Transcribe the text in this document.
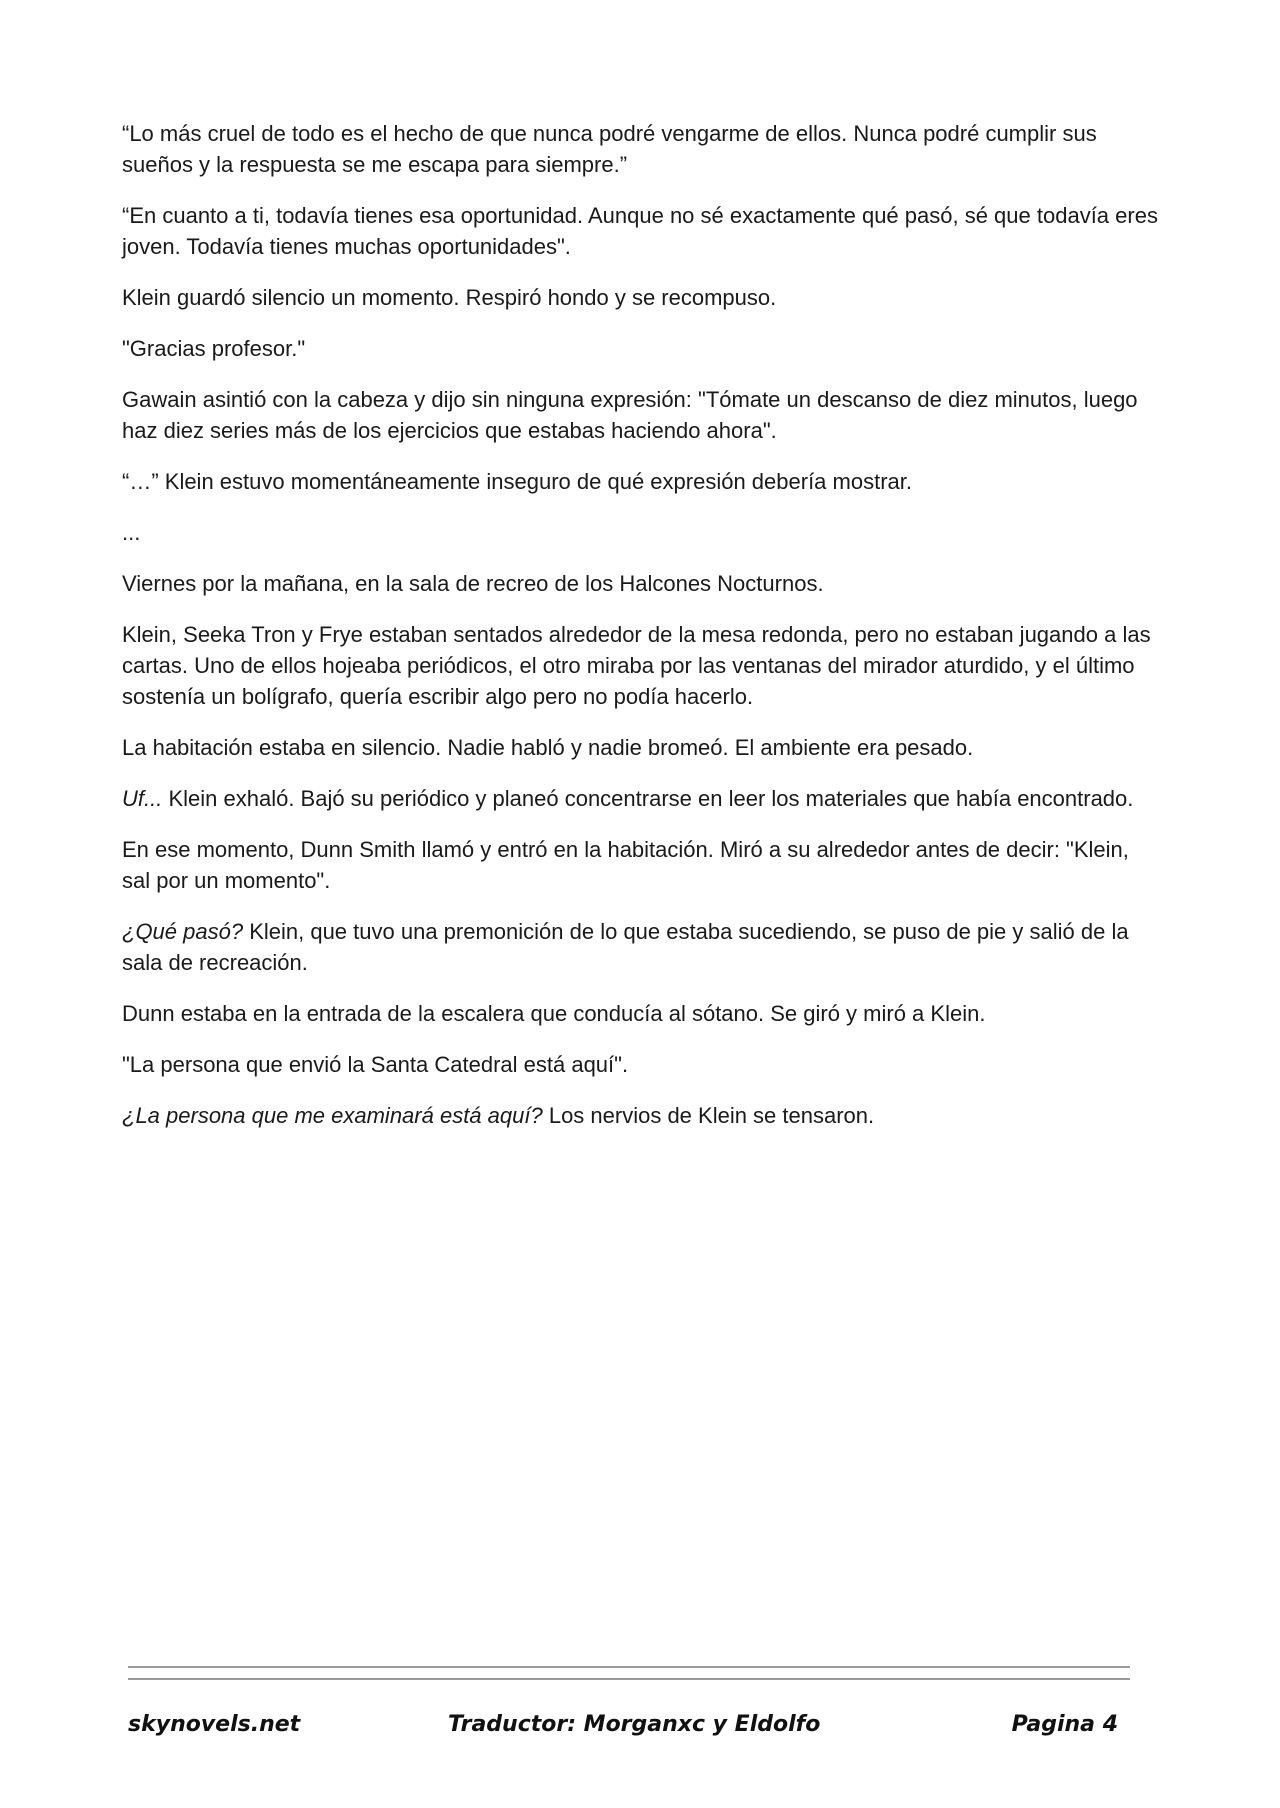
“Lo más cruel de todo es el hecho de que nunca podré vengarme de ellos. Nunca podré cumplir sus sueños y la respuesta se me escapa para siempre.”

“En cuanto a ti, todavía tienes esa oportunidad. Aunque no sé exactamente qué pasó, sé que todavía eres joven. Todavía tienes muchas oportunidades".

Klein guardó silencio un momento. Respiró hondo y se recompuso.

"Gracias profesor."

Gawain asintió con la cabeza y dijo sin ninguna expresión: "Tómate un descanso de diez minutos, luego haz diez series más de los ejercicios que estabas haciendo ahora".

“…” Klein estuvo momentáneamente inseguro de qué expresión debería mostrar.

...

Viernes por la mañana, en la sala de recreo de los Halcones Nocturnos.

Klein, Seeka Tron y Frye estaban sentados alrededor de la mesa redonda, pero no estaban jugando a las cartas. Uno de ellos hojeaba periódicos, el otro miraba por las ventanas del mirador aturdido, y el último sostenía un bolígrafo, quería escribir algo pero no podía hacerlo.

La habitación estaba en silencio. Nadie habló y nadie bromeó. El ambiente era pesado.

Uf... Klein exhaló. Bajó su periódico y planeó concentrarse en leer los materiales que había encontrado.

En ese momento, Dunn Smith llamó y entró en la habitación. Miró a su alrededor antes de decir: "Klein, sal por un momento".

¿Qué pasó? Klein, que tuvo una premonición de lo que estaba sucediendo, se puso de pie y salió de la sala de recreación.

Dunn estaba en la entrada de la escalera que conducía al sótano. Se giró y miró a Klein.

"La persona que envió la Santa Catedral está aquí".

¿La persona que me examinará está aquí? Los nervios de Klein se tensaron.

skynovels.net	Traductor: Morganxc y Eldolfo	Pagina 4
